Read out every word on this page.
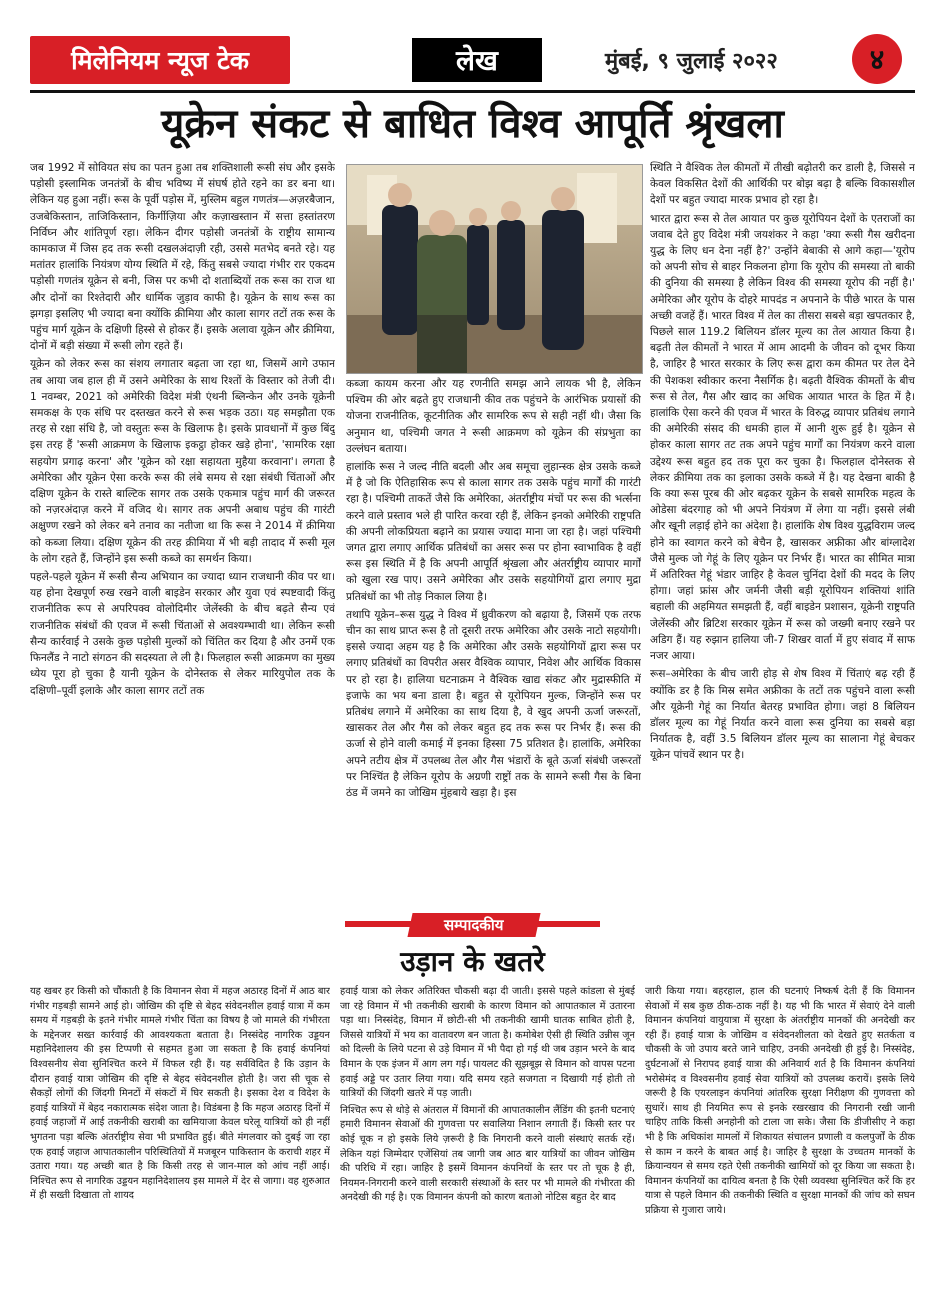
मिलेनियम न्यूज टेक	लेख	मुंबई, ९ जुलाई २०२२	४
यूक्रेन संकट से बाधित विश्व आपूर्ति श्रृंखला

जब 1992 में सोवियत संघ का पतन हुआ तब शक्तिशाली रूसी संघ और इसके पड़ोसी इस्लामिक जनतंत्रों के बीच भविष्य में संघर्ष होते रहने का डर बना था। लेकिन यह हुआ नहीं। रूस के पूर्वी पड़ोस में, मुस्लिम बहुल गणतंत्र—अज़रबैजान, उजबेकिस्तान, ताजिकिस्तान, किर्गीज़िया और कज़ाखस्तान में सत्ता हस्तांतरण निर्विघ्न और शांतिपूर्ण रहा। लेकिन दीगर पड़ोसी जनतंत्रों के राष्ट्रीय सामान्य कामकाज में जिस हद तक रूसी दखलअंदाज़ी रही, उससे मतभेद बनते रहे। यह मतांतर हालांकि नियंत्रण योग्य स्थिति में रहे, किंतु सबसे ज्यादा गंभीर रार एकदम पड़ोसी गणतंत्र यूक्रेन से बनी, जिस पर कभी दो शताब्दियों तक रूस का राज था और दोनों का रिश्तेदारी और धार्मिक जुड़ाव काफी है। यूक्रेन के साथ रूस का झगड़ा इसलिए भी ज्यादा बना क्योंकि क्रीमिया और काला सागर तटों तक रूस के पहुंच मार्ग यूक्रेन के दक्षिणी हिस्से से होकर हैं। इसके अलावा यूक्रेन और क्रीमिया, दोनों में बड़ी संख्या में रूसी लोग रहते हैं।

यूक्रेन को लेकर रूस का संशय लगातार बढ़ता जा रहा था, जिसमें आगे उफान तब आया जब हाल ही में उसने अमेरिका के साथ रिश्तों के विस्तार को तेजी दी। 1 नवम्बर, 2021 को अमेरिकी विदेश मंत्री एंथनी ब्लिन्केन और उनके यूक्रेनी समकक्ष के एक संधि पर दस्तखत करने से रूस भड़क उठा। यह समझौता एक तरह से रक्षा संधि है, जो वस्तुतः रूस के खिलाफ है। इसके प्रावधानों में कुछ बिंदु इस तरह हैं 'रूसी आक्रमण के खिलाफ इकट्ठा होकर खड़े होना', 'सामरिक रक्षा सहयोग प्रगाढ़ करना' और 'यूक्रेन को रक्षा सहायता मुहैया करवाना'। लगता है अमेरिका और यूक्रेन ऐसा करके रूस की लंबे समय से रक्षा संबंधी चिंताओं और दक्षिण यूक्रेन के रास्ते बाल्टिक सागर तक उसके एकमात्र पहुंच मार्ग की जरूरत को नज़रअंदाज़ करने में वजिद थे। सागर तक अपनी अबाध पहुंच की गारंटी अक्षुण्ण रखने को लेकर बने तनाव का नतीजा था कि रूस ने 2014 में क्रीमिया को कब्जा लिया। दक्षिण यूक्रेन की तरह क्रीमिया में भी बड़ी तादाद में रूसी मूल के लोग रहते हैं, जिन्होंने इस रूसी कब्जे का समर्थन किया।

पहले-पहले यूक्रेन में रूसी सैन्य अभियान का ज्यादा ध्यान राजधानी कीव पर था। यह होना देखपूर्ण रुख रखने वाली बाइडेन सरकार और युवा एवं स्पष्टवादी किंतु राजनीतिक रूप से अपरिपक्व वोलोदिमीर जेलेंस्की के बीच बढ़ते सैन्य एवं राजनीतिक संबंधों की एवज में रूसी चिंताओं से अवश्यम्भावी था। लेकिन रूसी सैन्य कार्रवाई ने उसके कुछ पड़ोसी मुल्कों को चिंतित कर दिया है और उनमें एक फिनलैंड ने नाटो संगठन की सदस्यता ले ली है। फिलहाल रूसी आक्रमण का मुख्य ध्येय पूरा हो चुका है यानी यूक्रेन के दोनेस्तक से लेकर मारियुपोल तक के दक्षिणी–पूर्वी इलाके और काला सागर तटों तक

कब्जा कायम करना और यह रणनीति समझ आने लायक भी है, लेकिन पश्चिम की ओर बढ़ते हुए राजधानी कीव तक पहुंचने के आरंभिक प्रयासों की योजना राजनीतिक, कूटनीतिक और सामरिक रूप से सही नहीं थी। जैसा कि अनुमान था, पश्चिमी जगत ने रूसी आक्रमण को यूक्रेन की संप्रभुता का उल्लंघन बताया।

हालांकि रूस ने जल्द नीति बदली और अब समूचा लुहान्स्क क्षेत्र उसके कब्जे में है जो कि ऐतिहासिक रूप से काला सागर तक उसके पहुंच मार्गों की गारंटी रहा है। पश्चिमी ताकतें जैसे कि अमेरिका, अंतर्राष्ट्रीय मंचों पर रूस की भर्त्सना करने वाले प्रस्ताव भले ही पारित करवा रही हैं, लेकिन इनको अमेरिकी राष्ट्रपति की अपनी लोकप्रियता बढ़ाने का प्रयास ज्यादा माना जा रहा है। जहां पश्चिमी जगत द्वारा लगाए आर्थिक प्रतिबंधों का असर रूस पर होना स्वाभाविक है वहीं रूस इस स्थिति में है कि अपनी आपूर्ति श्रृंखला और अंतर्राष्ट्रीय व्यापार मार्गों को खुला रख पाए। उसने अमेरिका और उसके सहयोगियों द्वारा लगाए मुद्रा प्रतिबंधों का भी तोड़ निकाल लिया है।

तथापि यूक्रेन–रूस युद्ध ने विश्व में ध्रुवीकरण को बढ़ाया है, जिसमें एक तरफ चीन का साथ प्राप्त रूस है तो दूसरी तरफ अमेरिका और उसके नाटो सहयोगी। इससे ज्यादा अहम यह है कि अमेरिका और उसके सहयोगियों द्वारा रूस पर लगाए प्रतिबंधों का विपरीत असर वैश्विक व्यापार, निवेश और आर्थिक विकास पर हो रहा है। हालिया घटनाक्रम ने वैश्विक खाद्य संकट और मुद्रास्फीति में इजाफे का भय बना डाला है। बहुत से यूरोपियन मुल्क, जिन्होंने रूस पर प्रतिबंध लगाने में अमेरिका का साथ दिया है, वे खुद अपनी ऊर्जा जरूरतों, खासकर तेल और गैस को लेकर बहुत हद तक रूस पर निर्भर हैं। रूस की ऊर्जा से होने वाली कमाई में इनका हिस्सा 75 प्रतिशत है। हालांकि, अमेरिका अपने तटीय क्षेत्र में उपलब्ध तेल और गैस भंडारों के बूते ऊर्जा संबंधी जरूरतों पर निश्चिंत है लेकिन यूरोप के अग्रणी राष्ट्रों तक के सामने रूसी गैस के बिना ठंड में जमने का जोखिम मुंहबाये खड़ा है। इस

स्थिति ने वैश्विक तेल कीमतों में तीखी बढ़ोतरी कर डाली है, जिससे न केवल विकसित देशों की आर्थिकी पर बोझ बढ़ा है बल्कि विकासशील देशों पर बहुत ज्यादा मारक प्रभाव हो रहा है।

भारत द्वारा रूस से तेल आयात पर कुछ यूरोपियन देशों के एतराजों का जवाब देते हुए विदेश मंत्री जयशंकर ने कहा 'क्या रूसी गैस खरीदना युद्ध के लिए धन देना नहीं है?' उन्होंने बेबाकी से आगे कहा—'यूरोप को अपनी सोच से बाहर निकलना होगा कि यूरोप की समस्या तो बाकी की दुनिया की समस्या है लेकिन विश्व की समस्या यूरोप की नहीं है।' अमेरिका और यूरोप के दोहरे मापदंड न अपनाने के पीछे भारत के पास अच्छी वजहें हैं। भारत विश्व में तेल का तीसरा सबसे बड़ा खपतकार है, पिछले साल 119.2 बिलियन डॉलर मूल्य का तेल आयात किया है। बढ़ती तेल कीमतों ने भारत में आम आदमी के जीवन को दूभर किया है, जाहिर है भारत सरकार के लिए रूस द्वारा कम कीमत पर तेल देने की पेशकश स्वीकार करना नैसर्गिक है। बढ़ती वैश्विक कीमतों के बीच रूस से तेल, गैस और खाद का अधिक आयात भारत के हित में है। हालांकि ऐसा करने की एवज में भारत के विरुद्ध व्यापार प्रतिबंध लगाने की अमेरिकी संसद की धमकी हाल में आनी शुरू हुई है। यूक्रेन से होकर काला सागर तट तक अपने पहुंच मार्गों का नियंत्रण करने वाला उद्देश्य रूस बहुत हद तक पूरा कर चुका है। फिलहाल दोनेस्तक से लेकर क्रीमिया तक का इलाका उसके कब्जे में है। यह देखना बाकी है कि क्या रूस पूरब की ओर बढ़कर यूक्रेन के सबसे सामरिक महत्व के ओडेसा बंदरगाह को भी अपने नियंत्रण में लेगा या नहीं। इससे लंबी और खूनी लड़ाई होने का अंदेशा है। हालांकि शेष विश्व युद्धविराम जल्द होने का स्वागत करने को बेचैन है, खासकर अफ्रीका और बांग्लादेश जैसे मुल्क जो गेहूं के लिए यूक्रेन पर निर्भर हैं। भारत का सीमित मात्रा में अतिरिक्त गेहूं भंडार जाहिर है केवल चुनिंदा देशों की मदद के लिए होगा। जहां फ्रांस और जर्मनी जैसी बड़ी यूरोपियन शक्तियां शांति बहाली की अहमियत समझती हैं, वहीं बाइडेन प्रशासन, यूक्रेनी राष्ट्रपति जेलेंस्की और ब्रिटिश सरकार यूक्रेन में रूस को जख्मी बनाए रखने पर अडिग हैं। यह रुझान हालिया जी-7 शिखर वार्ता में हुए संवाद में साफ नजर आया।

रूस–अमेरिका के बीच जारी होड़ से शेष विश्व में चिंताएं बढ़ रही हैं क्योंकि डर है कि मिस्र समेत अफ्रीका के तटों तक पहुंचने वाला रूसी और यूक्रेनी गेहूं का निर्यात बेतरह प्रभावित होगा। जहां 8 बिलियन डॉलर मूल्य का गेहूं निर्यात करने वाला रूस दुनिया का सबसे बड़ा निर्यातक है, वहीं 3.5 बिलियन डॉलर मूल्य का सालाना गेहूं बेचकर यूक्रेन पांचवें स्थान पर है।

सम्पादकीय
उड़ान के खतरे

यह खबर हर किसी को चौंकाती है कि विमानन सेवा में महज अठारह दिनों में आठ बार गंभीर गड़बड़ी सामने आई हो। जोखिम की दृष्टि से बेहद संवेदनशील हवाई यात्रा में कम समय में गड़बड़ी के इतने गंभीर मामले गंभीर चिंता का विषय है जो मामले की गंभीरता के मद्देनजर सख्त कार्रवाई की आवश्यकता बताता है। निस्संदेह नागरिक उड्डयन महानिदेशालय की इस टिप्पणी से सहमत हुआ जा सकता है कि हवाई कंपनियां विश्वसनीय सेवा सुनिश्चित करने में विफल रही हैं। यह सर्वविदित है कि उड़ान के दौरान हवाई यात्रा जोखिम की दृष्टि से बेहद संवेदनशील होती है। जरा सी चूक से सैकड़ों लोगों की जिंदगी मिनटों में संकटों में घिर सकती है। इसका देश व विदेश के हवाई यात्रियों में बेहद नकारात्मक संदेश जाता है। विडंबना है कि महज अठारह दिनों में हवाई जहाजों में आई तकनीकी खराबी का खमियाजा केवल घरेलू यात्रियों को ही नहीं भुगतना पड़ा बल्कि अंतर्राष्ट्रीय सेवा भी प्रभावित हुई। बीते मंगलवार को दुबई जा रहा एक हवाई जहाज आपातकालीन परिस्थितियों में मजबूरन पाकिस्तान के कराची शहर में उतारा गया। यह अच्छी बात है कि किसी तरह से जान-माल को आंच नहीं आई। निश्चित रूप से नागरिक उड्डयन महानिदेशालय इस मामले में देर से जागा। वह शुरुआत में ही सख्ती दिखाता तो शायद

हवाई यात्रा को लेकर अतिरिक्त चौकसी बढ़ा दी जाती। इससे पहले कांडला से मुंबई जा रहे विमान में भी तकनीकी खराबी के कारण विमान को आपातकाल में उतारना पड़ा था। निस्संदेह, विमान में छोटी-सी भी तकनीकी खामी घातक साबित होती है, जिससे यात्रियों में भय का वातावरण बन जाता है। कमोबेश ऐसी ही स्थिति उन्नीस जून को दिल्ली के लिये पटना से उड़े विमान में भी पैदा हो गई थी जब उड़ान भरने के बाद विमान के एक इंजन में आग लग गई। पायलट की सूझबूझ से विमान को वापस पटना हवाई अड्डे पर उतार लिया गया। यदि समय रहते सजगता न दिखायी गई होती तो यात्रियों की जिंदगी खतरे में पड़ जाती।

निश्चित रूप से थोड़े से अंतराल में विमानों की आपातकालीन लैंडिंग की इतनी घटनाएं हमारी विमानन सेवाओं की गुणवत्ता पर सवालिया निशान लगाती हैं। किसी स्तर पर कोई चूक न हो इसके लिये ज़रूरी है कि निगरानी करने वाली संस्थाएं सतर्क रहें। लेकिन यहां जिम्मेदार एजेंसियां तब जागी जब आठ बार यात्रियों का जीवन जोखिम की परिधि में रहा। जाहिर है इसमें विमानन कंपनियों के स्तर पर तो चूक है ही, नियमन-निगरानी करने वाली सरकारी संस्थाओं के स्तर पर भी मामले की गंभीरता की अनदेखी की गई है। एक विमानन कंपनी को कारण बताओ नोटिस बहुत देर बाद

जारी किया गया। बहरहाल, हाल की घटनाएं निष्कर्ष देती हैं कि विमानन सेवाओं में सब कुछ ठीक-ठाक नहीं है। यह भी कि भारत में सेवाएं देने वाली विमानन कंपनियां वायुयात्रा में सुरक्षा के अंतर्राष्ट्रीय मानकों की अनदेखी कर रही हैं। हवाई यात्रा के जोखिम व संवेदनशीलता को देखते हुए सतर्कता व चौकसी के जो उपाय बरते जाने चाहिए, उनकी अनदेखी ही हुई है। निस्संदेह, दुर्घटनाओं से निरापद हवाई यात्रा की अनिवार्य शर्त है कि विमानन कंपनियां भरोसेमंद व विश्वसनीय हवाई सेवा यात्रियों को उपलब्ध करायें। इसके लिये जरूरी है कि एयरलाइन कंपनियां आंतरिक सुरक्षा निरीक्षण की गुणवत्ता को सुधारें। साथ ही नियमित रूप से इनके रखरखाव की निगरानी रखी जानी चाहिए ताकि किसी अनहोनी को टाला जा सके। जैसा कि डीजीसीए ने कहा भी है कि अधिकांश मामलों में शिकायत संचालन प्रणाली व कलपुर्जों के ठीक से काम न करने के बाबत आई है। जाहिर है सुरक्षा के उच्चतम मानकों के क्रियान्वयन से समय रहते ऐसी तकनीकी खामियों को दूर किया जा सकता है। विमानन कंपनियों का दायित्व बनता है कि ऐसी व्यवस्था सुनिश्चित करें कि हर यात्रा से पहले विमान की तकनीकी स्थिति व सुरक्षा मानकों की जांच को सघन प्रक्रिया से गुजारा जाये।
